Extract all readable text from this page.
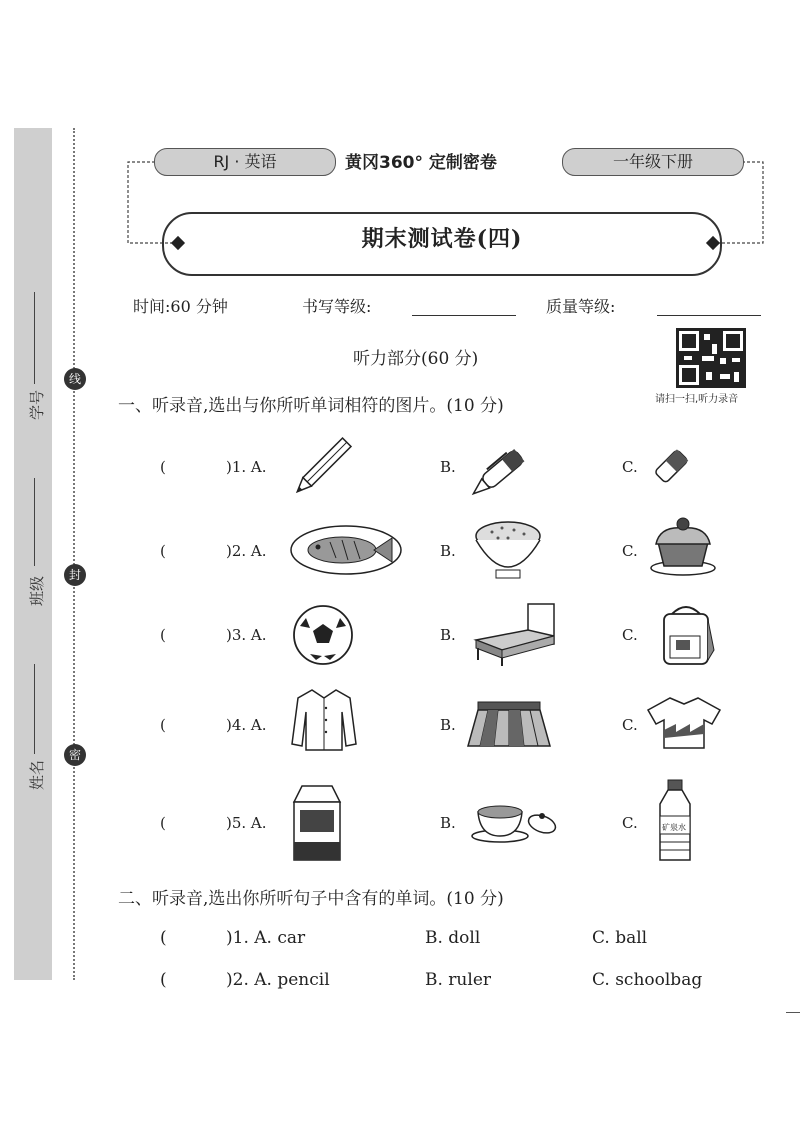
学号
班级
姓名
线
封
密
RJ · 英语	黄冈360° 定制密卷	一年级下册
期末测试卷(四)
时间:60 分钟	书写等级:	质量等级:
请扫一扫,听力录音
听力部分(60 分)
一、听录音,选出与你所听单词相符的图片。(10 分)
(	)1. A.	B.	C.
(	)2. A.	B.	C.
(	)3. A.	B.	C.
(	)4. A.	B.	C.
(	)5. A.	B.	C.	矿泉水
二、听录音,选出你所听句子中含有的单词。(10 分)
(	)1. A. car	B. doll	C. ball
(	)2. A. pencil	B. ruler	C. schoolbag
